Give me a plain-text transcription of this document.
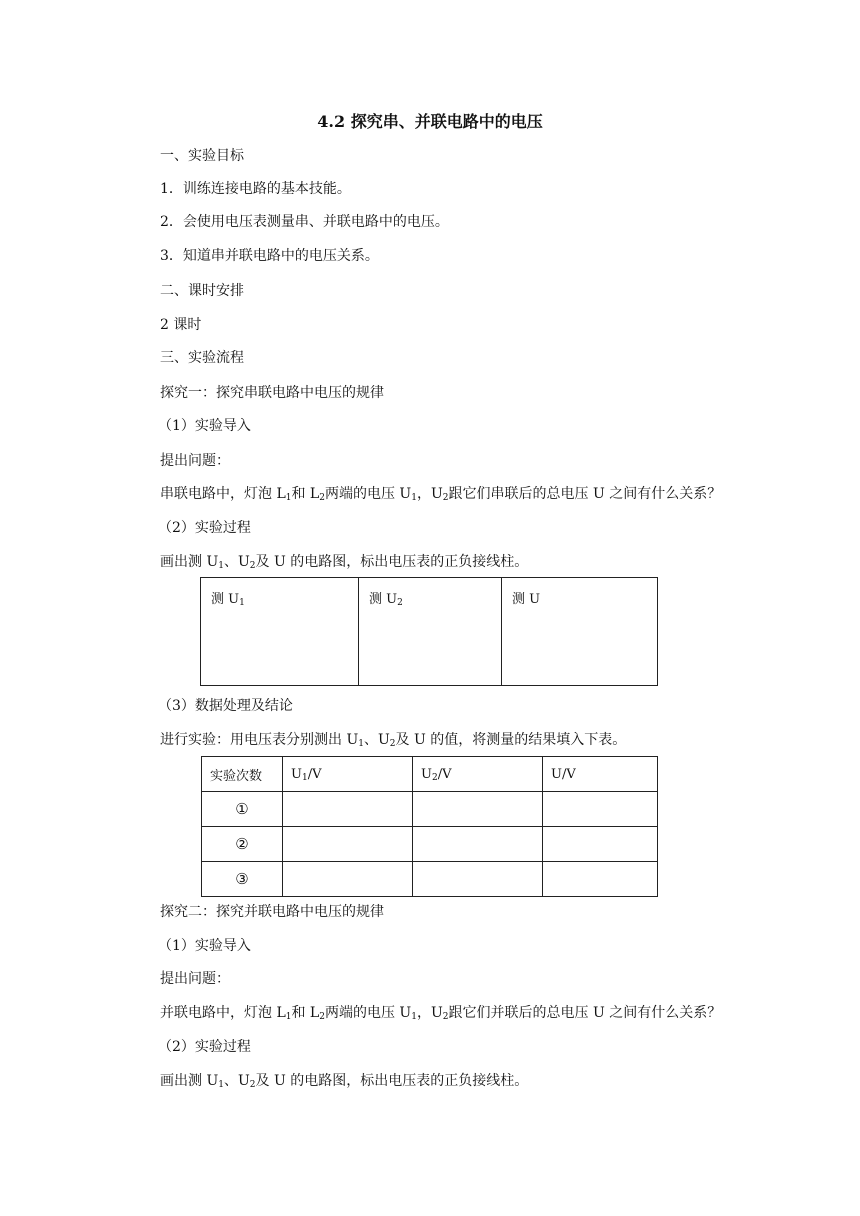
4.2 探究串、并联电路中的电压
一、实验目标
1．训练连接电路的基本技能。
2．会使用电压表测量串、并联电路中的电压。
3．知道串并联电路中的电压关系。
二、课时安排
2 课时
三、实验流程
探究一：探究串联电路中电压的规律
（1）实验导入
提出问题：
串联电路中，灯泡 $L_1$和 $L_2$两端的电压 $U_1$，$U_2$跟它们串联后的总电压 U 之间有什么关系？
（2）实验过程
画出测 $U_1$、$U_2$及 U 的电路图，标出电压表的正负接线柱。
测 $U_1$	测 $U_2$	测 U
（3）数据处理及结论
进行实验：用电压表分别测出 $U_1$、$U_2$及 U 的值，将测量的结果填入下表。
实验次数	$U_1/V$	$U_2/V$	U/V
①			
②			
③			
探究二：探究并联电路中电压的规律
（1）实验导入
提出问题：
并联电路中，灯泡 $L_1$和 $L_2$两端的电压 $U_1$，$U_2$跟它们并联后的总电压 U 之间有什么关系？
（2）实验过程
画出测 $U_1$、$U_2$及 U 的电路图，标出电压表的正负接线柱。
